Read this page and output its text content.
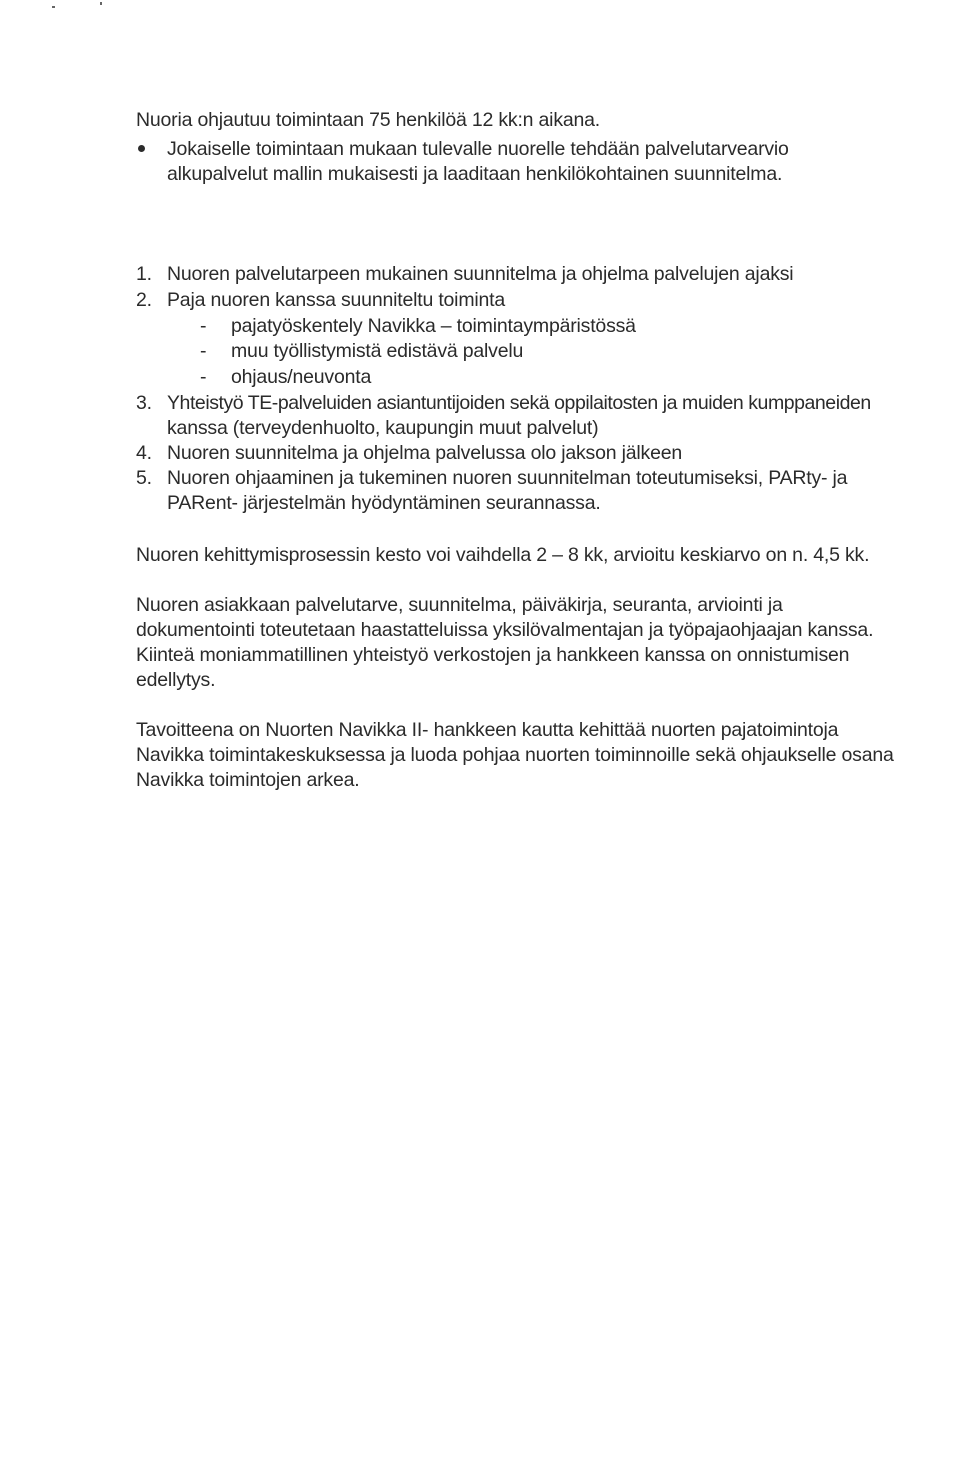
Nuoria ohjautuu toimintaan 75 henkilöä 12 kk:n aikana.
Jokaiselle toimintaan mukaan tulevalle nuorelle tehdään palvelutarvearvio
alkupalvelut mallin mukaisesti ja laaditaan henkilökohtainen suunnitelma.
1. Nuoren palvelutarpeen mukainen suunnitelma ja ohjelma palvelujen ajaksi
2. Paja nuoren kanssa suunniteltu toiminta
- pajatyöskentely Navikka – toimintaympäristössä
- muu työllistymistä edistävä palvelu
- ohjaus/neuvonta
3. Yhteistyö TE-palveluiden asiantuntijoiden sekä oppilaitosten ja muiden kumppaneiden
kanssa (terveydenhuolto, kaupungin muut palvelut)
4. Nuoren suunnitelma ja ohjelma palvelussa olo jakson jälkeen
5. Nuoren ohjaaminen ja tukeminen nuoren suunnitelman toteutumiseksi, PARty- ja
PARent- järjestelmän hyödyntäminen seurannassa.
Nuoren kehittymisprosessin kesto voi vaihdella 2 – 8 kk, arvioitu keskiarvo on n. 4,5 kk.
Nuoren asiakkaan palvelutarve, suunnitelma, päiväkirja, seuranta, arviointi ja
dokumentointi toteutetaan haastatteluissa yksilövalmentajan ja työpajaohjaajan kanssa.
Kiinteä moniammatillinen yhteistyö verkostojen ja hankkeen kanssa on onnistumisen
edellytys.
Tavoitteena on Nuorten Navikka II- hankkeen kautta kehittää nuorten pajatoimintoja
Navikka toimintakeskuksessa ja luoda pohjaa nuorten toiminnoille sekä ohjaukselle osana
Navikka toimintojen arkea.
